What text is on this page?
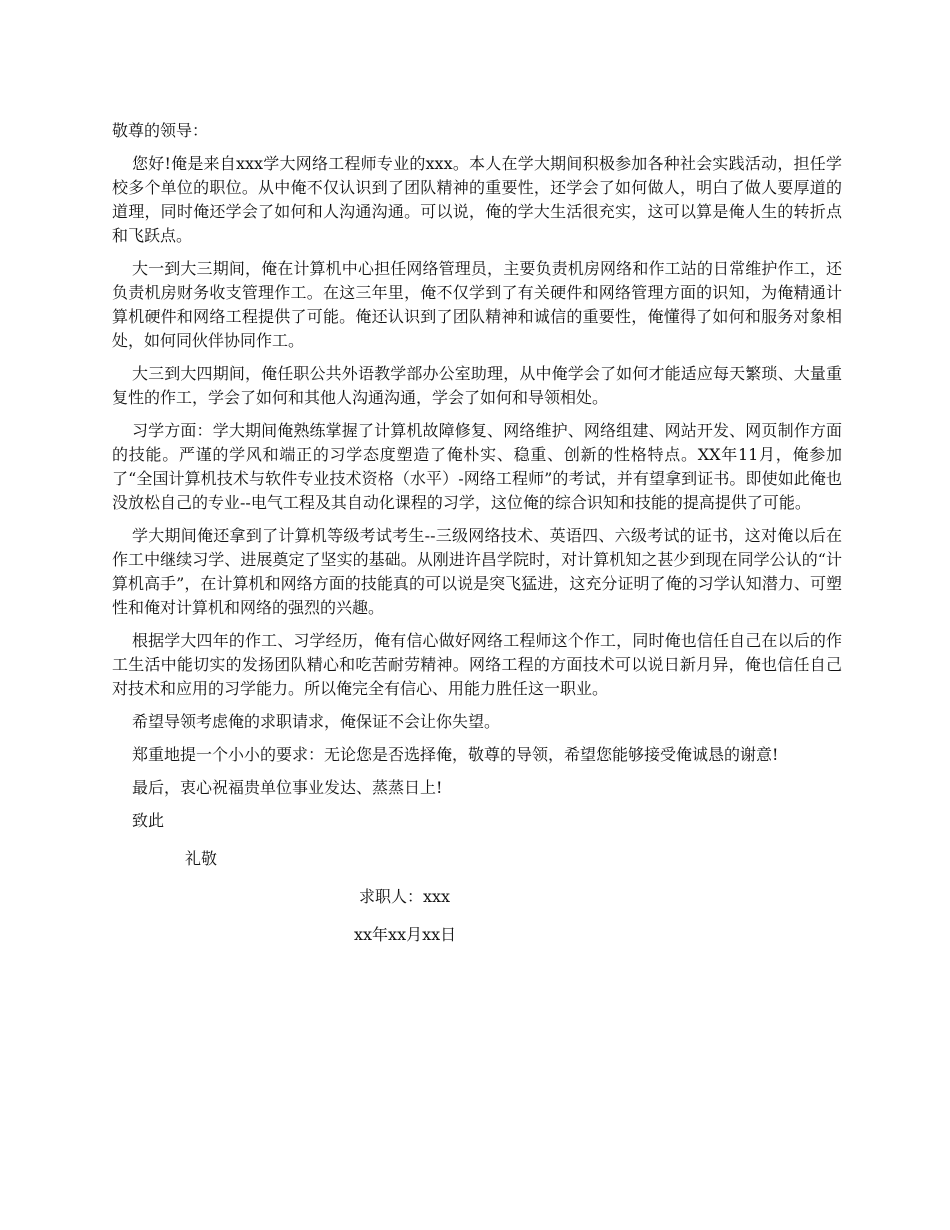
敬尊的领导：
您好!俺是来自xxx学大网络工程师专业的xxx。本人在学大期间积极参加各种社会实践活动，担任学校多个单位的职位。从中俺不仅认识到了团队精神的重要性，还学会了如何做人，明白了做人要厚道的道理，同时俺还学会了如何和人沟通沟通。可以说，俺的学大生活很充实，这可以算是俺人生的转折点和飞跃点。
大一到大三期间，俺在计算机中心担任网络管理员，主要负责机房网络和作工站的日常维护作工，还负责机房财务收支管理作工。在这三年里，俺不仅学到了有关硬件和网络管理方面的识知，为俺精通计算机硬件和网络工程提供了可能。俺还认识到了团队精神和诚信的重要性，俺懂得了如何和服务对象相处，如何同伙伴协同作工。
大三到大四期间，俺任职公共外语教学部办公室助理，从中俺学会了如何才能适应每天繁琐、大量重复性的作工，学会了如何和其他人沟通沟通，学会了如何和导领相处。
习学方面：学大期间俺熟练掌握了计算机故障修复、网络维护、网络组建、网站开发、网页制作方面的技能。严谨的学风和端正的习学态度塑造了俺朴实、稳重、创新的性格特点。XX年11月，俺参加了“全国计算机技术与软件专业技术资格（水平）-网络工程师”的考试，并有望拿到证书。即使如此俺也没放松自己的专业--电气工程及其自动化课程的习学，这位俺的综合识知和技能的提高提供了可能。
学大期间俺还拿到了计算机等级考试考生--三级网络技术、英语四、六级考试的证书，这对俺以后在作工中继续习学、进展奠定了坚实的基础。从刚进许昌学院时，对计算机知之甚少到现在同学公认的“计算机高手”，在计算机和网络方面的技能真的可以说是突飞猛进，这充分证明了俺的习学认知潜力、可塑性和俺对计算机和网络的强烈的兴趣。
根据学大四年的作工、习学经历，俺有信心做好网络工程师这个作工，同时俺也信任自己在以后的作工生活中能切实的发扬团队精心和吃苦耐劳精神。网络工程的方面技术可以说日新月异，俺也信任自己对技术和应用的习学能力。所以俺完全有信心、用能力胜任这一职业。
希望导领考虑俺的求职请求，俺保证不会让你失望。
郑重地提一个小小的要求：无论您是否选择俺，敬尊的导领，希望您能够接受俺诚恳的谢意!
最后，衷心祝福贵单位事业发达、蒸蒸日上!
致此
礼敬
求职人：xxx
xx年xx月xx日
